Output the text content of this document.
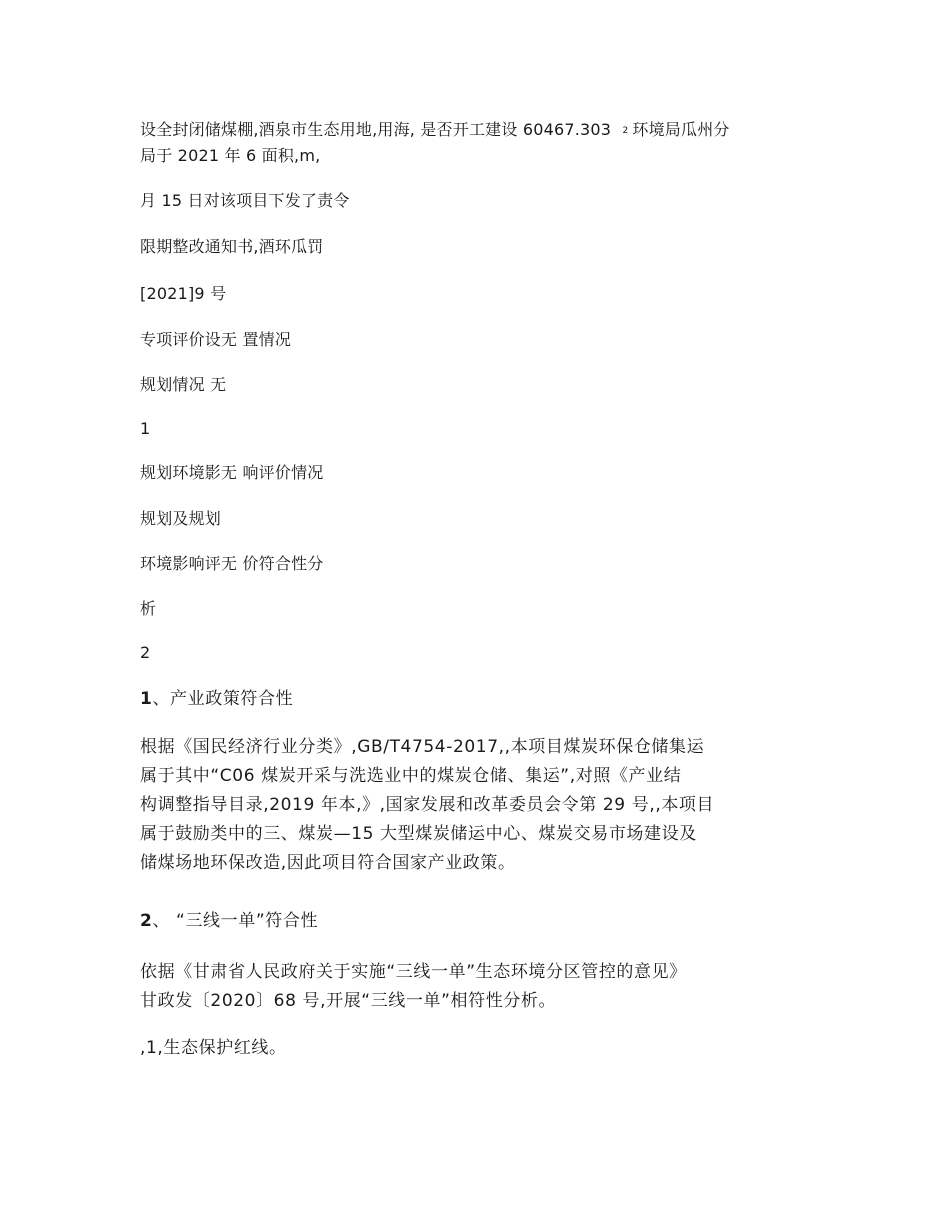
设全封闭储煤棚,酒泉市生态用地,用海, 是否开工建设 60467.303 2 环境局瓜州分
局于 2021 年 6 面积,m,
月 15 日对该项目下发了责令
限期整改通知书,酒环瓜罚
[2021]9 号
专项评价设无 置情况
规划情况 无
1
规划环境影无 响评价情况
规划及规划
环境影响评无 价符合性分
析
2
1、产业政策符合性
根据《国民经济行业分类》,GB/T4754-2017,,本项目煤炭环保仓储集运
属于其中“C06 煤炭开采与洗选业中的煤炭仓储、集运”,对照《产业结
构调整指导目录,2019 年本,》,国家发展和改革委员会令第 29 号,,本项目
属于鼓励类中的三、煤炭—15 大型煤炭储运中心、煤炭交易市场建设及
储煤场地环保改造,因此项目符合国家产业政策。
2、 “三线一单”符合性
依据《甘肃省人民政府关于实施“三线一单”生态环境分区管控的意见》
甘政发〔2020〕68 号,开展“三线一单”相符性分析。
,1,生态保护红线。
